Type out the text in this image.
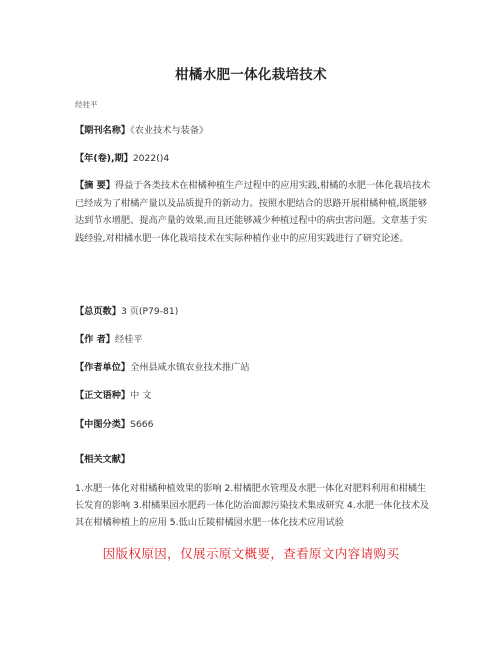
柑橘水肥一体化栽培技术
经桂平
【期刊名称】《农业技术与装备》
【年(卷),期】2022()4
【摘 要】得益于各类技术在柑橘种植生产过程中的应用实践,柑橘的水肥一体化栽培技术已经成为了柑橘产量以及品质提升的新动力。按照水肥结合的思路开展柑橘种植,既能够达到节水增肥、提高产量的效果,而且还能够减少种植过程中的病虫害问题。文章基于实践经验,对柑橘水肥一体化栽培技术在实际种植作业中的应用实践进行了研究论述。
【总页数】3 页(P79-81)
【作 者】经桂平
【作者单位】全州县咸水镇农业技术推广站
【正文语种】中 文
【中图分类】S666
【相关文献】
1.水肥一体化对柑橘种植效果的影响 2.柑橘肥水管理及水肥一体化对肥料利用和柑橘生长发育的影响 3.柑橘果园水肥药一体化防治面源污染技术集成研究 4.水肥一体化技术及其在柑橘种植上的应用 5.低山丘陵柑橘园水肥一体化技术应用试验
因版权原因，仅展示原文概要，查看原文内容请购买
